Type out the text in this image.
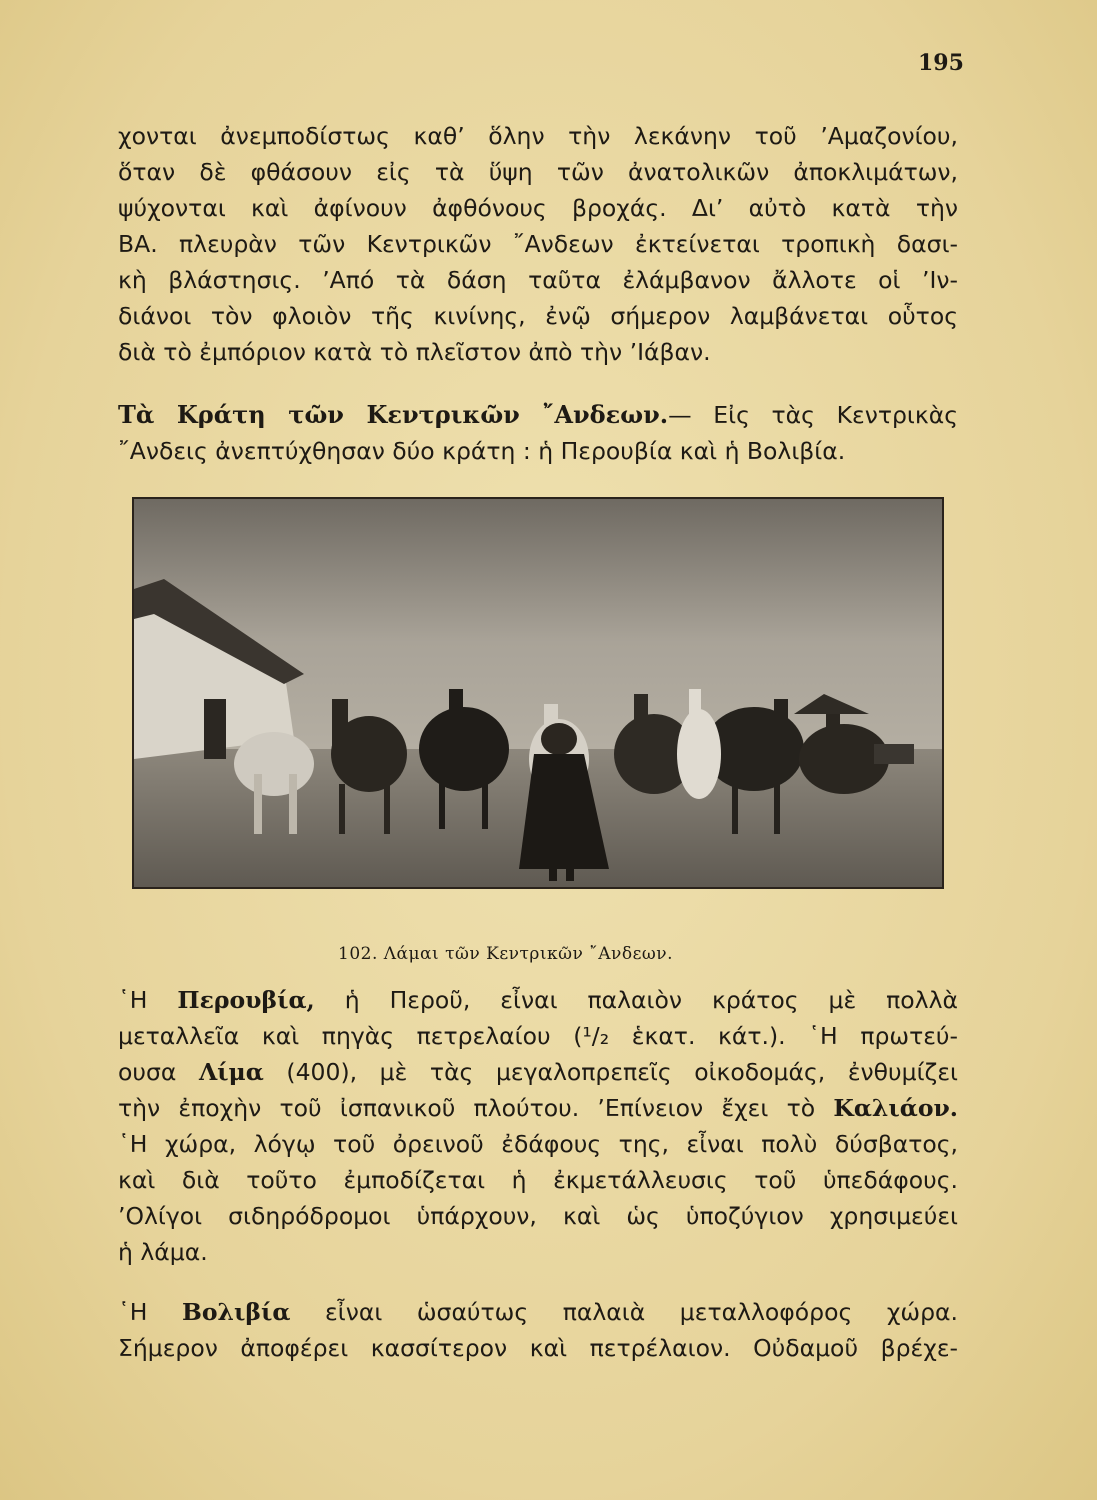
195

χονται ἀνεμποδίστως καθ’ ὅλην τὴν λεκάνην τοῦ ’Αμαζονίου,
ὅταν δὲ φθάσουν εἰς τὰ ὕψη τῶν ἀνατολικῶν ἀποκλιμάτων,
ψύχονται καὶ ἀφίνουν ἀφθόνους βροχάς. Δι’ αὐτὸ κατὰ τὴν
ΒΑ. πλευρὰν τῶν Κεντρικῶν ῎Ανδεων ἐκτείνεται τροπικὴ δασι-
κὴ βλάστησις. ’Από τὰ δάση ταῦτα ἐλάμβανον ἄλλοτε οἱ ’Ιν-
διάνοι τὸν φλοιὸν τῆς κινίνης, ἐνῷ σήμερον λαμβάνεται οὗτος
διὰ τὸ ἐμπόριον κατὰ τὸ πλεῖστον ἀπὸ τὴν ’Ιάβαν.

Τὰ Κράτη τῶν Κεντρικῶν ῎Ανδεων.— Εἰς τὰς Κεντρικὰς
῎Ανδεις ἀνεπτύχθησαν δύο κράτη : ἡ Περουβία καὶ ἡ Βολιβία.

102. Λάμαι τῶν Κεντρικῶν ῎Ανδεων.

῾Η Περουβία, ἡ Περοῦ, εἶναι παλαιὸν κράτος μὲ πολλὰ
μεταλλεῖα καὶ πηγὰς πετρελαίου (¹/₂ ἑκατ. κάτ.). ῾Η πρωτεύ-
ουσα Λίμα (400), μὲ τὰς μεγαλοπρεπεῖς οἰκοδομάς, ἐνθυμίζει
τὴν ἐποχὴν τοῦ ἰσπανικοῦ πλούτου. ’Επίνειον ἔχει τὸ Καλιάον.
῾Η χώρα, λόγῳ τοῦ ὀρεινοῦ ἐδάφους της, εἶναι πολὺ δύσβατος,
καὶ διὰ τοῦτο ἐμποδίζεται ἡ ἐκμετάλλευσις τοῦ ὑπεδάφους.
’Ολίγοι σιδηρόδρομοι ὑπάρχουν, καὶ ὡς ὑποζύγιον χρησιμεύει
ἡ λάμα.

῾Η Βολιβία εἶναι ὡσαύτως παλαιὰ μεταλλοφόρος χώρα.
Σήμερον ἀποφέρει κασσίτερον καὶ πετρέλαιον. Οὐδαμοῦ βρέχε-
